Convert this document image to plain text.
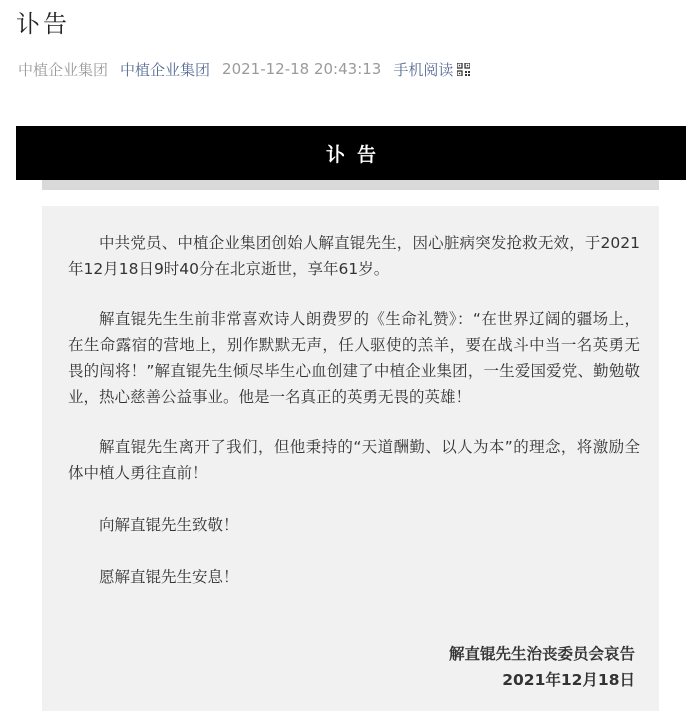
讣告
中植企业集团 中植企业集团 2021-12-18 20:43:13 手机阅读
讣告

中共党员、中植企业集团创始人解直锟先生，因心脏病突发抢救无效，于2021年12月18日9时40分在北京逝世，享年61岁。

解直锟先生生前非常喜欢诗人朗费罗的《生命礼赞》：“在世界辽阔的疆场上，在生命露宿的营地上，别作默默无声，任人驱使的羔羊，要在战斗中当一名英勇无畏的闯将！”解直锟先生倾尽毕生心血创建了中植企业集团，一生爱国爱党、勤勉敬业，热心慈善公益事业。他是一名真正的英勇无畏的英雄！

解直锟先生离开了我们，但他秉持的“天道酬勤、以人为本”的理念，将激励全体中植人勇往直前！

向解直锟先生致敬！

愿解直锟先生安息！

解直锟先生治丧委员会哀告
2021年12月18日
